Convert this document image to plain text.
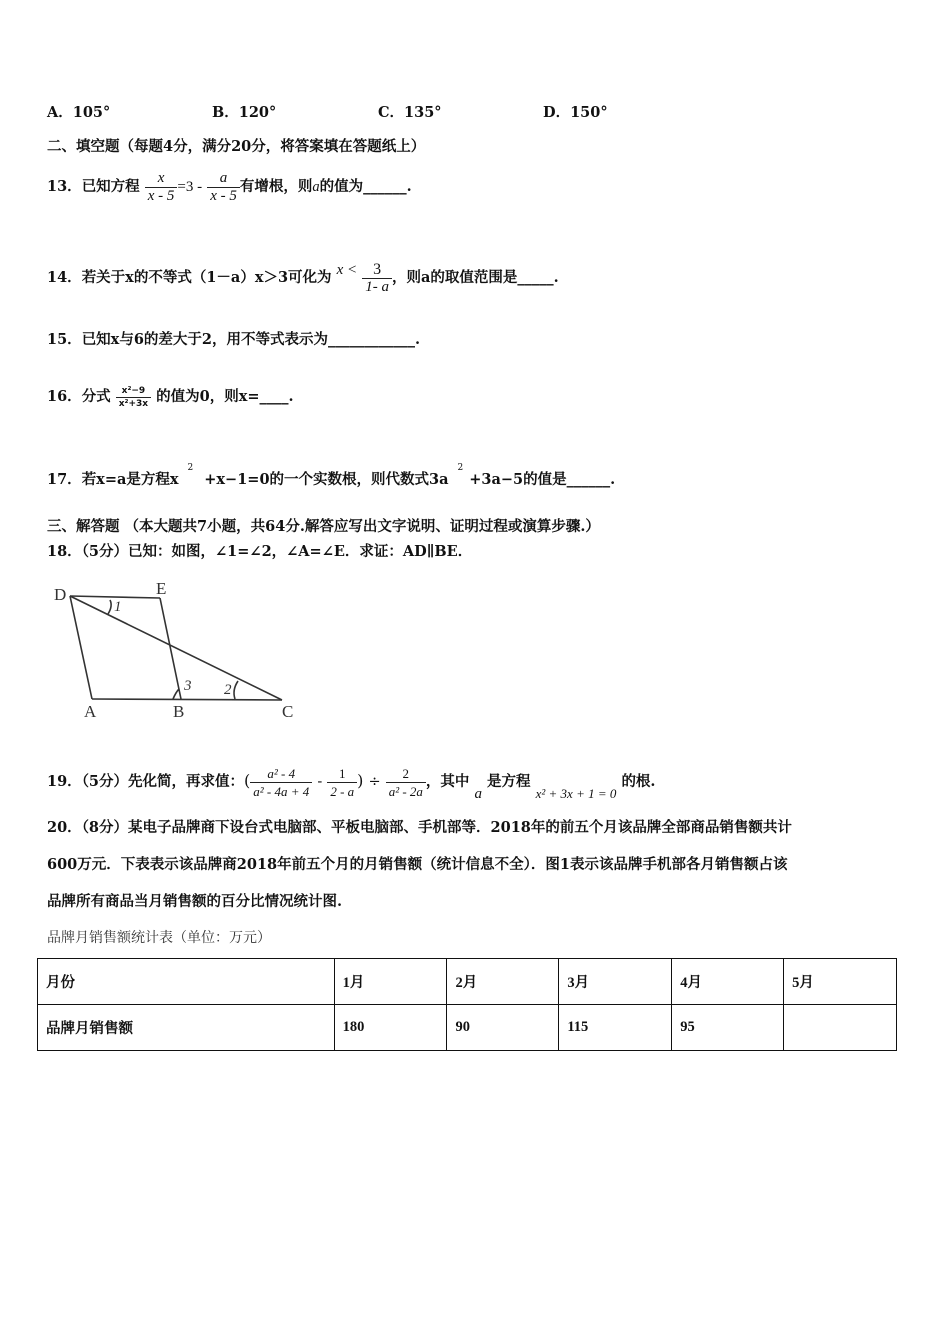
A．105°	B．120°	C．135°	D．150°
二、填空题（每题4分，满分20分，将答案填在答题纸上）
13．已知方程 $\frac{x}{x - 5} =3 - \frac{a}{x - 5}$ 有增根，则a的值为______.
14．若关于x的不等式（1－a）x＞3可化为 $x < \frac{3}{1- a}$ ，则a的取值范围是_____.
15．已知x与6的差大于2，用不等式表示为____________.
16．分式 $\frac{\text{x²−9}}{\text{x²+3x}}$ 的值为0，则x=____.
17．若x=a是方程$x^2+x-1=0$的一个实数根，则代数式$3a^2+3a-5$的值是______.
三、解答题 （本大题共7小题，共64分.解答应写出文字说明、证明过程或演算步骤.）
18．（5分）已知：如图，∠1=∠2，∠A=∠E．求证：AD∥BE．
D	E
A	B	C
1
2
3
19．（5分）先化简，再求值：( $\frac{\text{a² - 4}}{\text{a² - 4a + 4}} - \frac{1}{2 - a}$ ) ÷ $\frac{2}{\text{a² - 2a}}$ ，其中 a 是方程 x² + 3x + 1 = 0 的根.
20．（8分）某电子品牌商下设台式电脑部、平板电脑部、手机部等．2018年的前五个月该品牌全部商品销售额共计
600万元．下表表示该品牌商2018年前五个月的月销售额（统计信息不全）．图1表示该品牌手机部各月销售额占该
品牌所有商品当月销售额的百分比情况统计图.
品牌月销售额统计表（单位：万元）
月份	1月	2月	3月	4月	5月
品牌月销售额	180	90	115	95	
